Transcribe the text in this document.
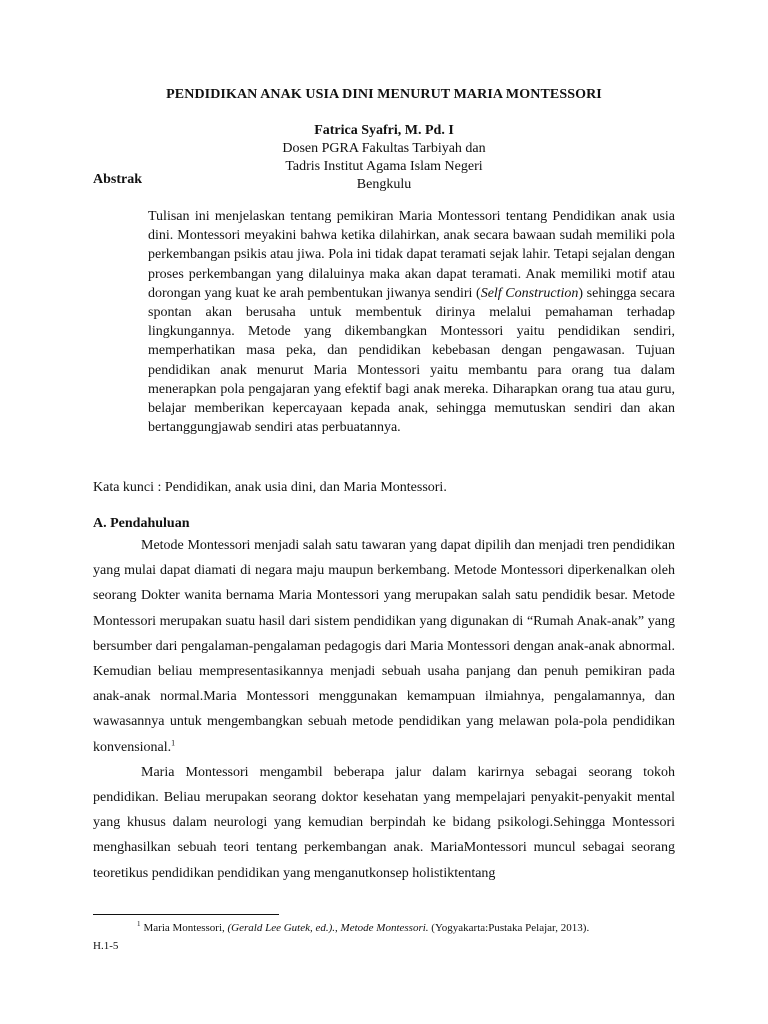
PENDIDIKAN ANAK USIA DINI MENURUT MARIA MONTESSORI
Fatrica Syafri, M. Pd. I
Dosen PGRA Fakultas Tarbiyah dan
Tadris Institut Agama Islam Negeri
Bengkulu
Abstrak

Tulisan ini menjelaskan tentang pemikiran Maria Montessori tentang Pendidikan anak usia dini. Montessori meyakini bahwa ketika dilahirkan, anak secara bawaan sudah memiliki pola perkembangan psikis atau jiwa. Pola ini tidak dapat teramati sejak lahir. Tetapi sejalan dengan proses perkembangan yang dilaluinya maka akan dapat teramati. Anak memiliki motif atau dorongan yang kuat ke arah pembentukan jiwanya sendiri (Self Construction) sehingga secara spontan akan berusaha untuk membentuk dirinya melalui pemahaman terhadap lingkungannya. Metode yang dikembangkan Montessori yaitu pendidikan sendiri, memperhatikan masa peka, dan pendidikan kebebasan dengan pengawasan. Tujuan pendidikan anak menurut Maria Montessori yaitu membantu para orang tua dalam menerapkan pola pengajaran yang efektif bagi anak mereka. Diharapkan orang tua atau guru, belajar memberikan kepercayaan kepada anak, sehingga memutuskan sendiri dan akan bertanggungjawab sendiri atas perbuatannya.

Kata kunci : Pendidikan, anak usia dini, dan Maria Montessori.
A. Pendahuluan

Metode Montessori menjadi salah satu tawaran yang dapat dipilih dan menjadi tren pendidikan yang mulai dapat diamati di negara maju maupun berkembang. Metode Montessori diperkenalkan oleh seorang Dokter wanita bernama Maria Montessori yang merupakan salah satu pendidik besar. Metode Montessori merupakan suatu hasil dari sistem pendidikan yang digunakan di “Rumah Anak-anak” yang bersumber dari pengalaman-pengalaman pedagogis dari Maria Montessori dengan anak-anak abnormal. Kemudian beliau mempresentasikannya menjadi sebuah usaha panjang dan penuh pemikiran pada anak-anak normal.Maria Montessori menggunakan kemampuan ilmiahnya, pengalamannya, dan wawasannya untuk mengembangkan sebuah metode pendidikan yang melawan pola-pola pendidikan konvensional.$^1$

Maria Montessori mengambil beberapa jalur dalam karirnya sebagai seorang tokoh pendidikan. Beliau merupakan seorang doktor kesehatan yang mempelajari penyakit-penyakit mental yang khusus dalam neurologi yang kemudian berpindah ke bidang psikologi.Sehingga Montessori menghasilkan sebuah teori tentang perkembangan anak. MariaMontessori muncul sebagai seorang teoretikus pendidikan pendidikan yang menganutkonsep holistiktentang

$^1$ Maria Montessori, (Gerald Lee Gutek, ed.)., Metode Montessori. (Yogyakarta:Pustaka Pelajar, 2013).
H.1-5
